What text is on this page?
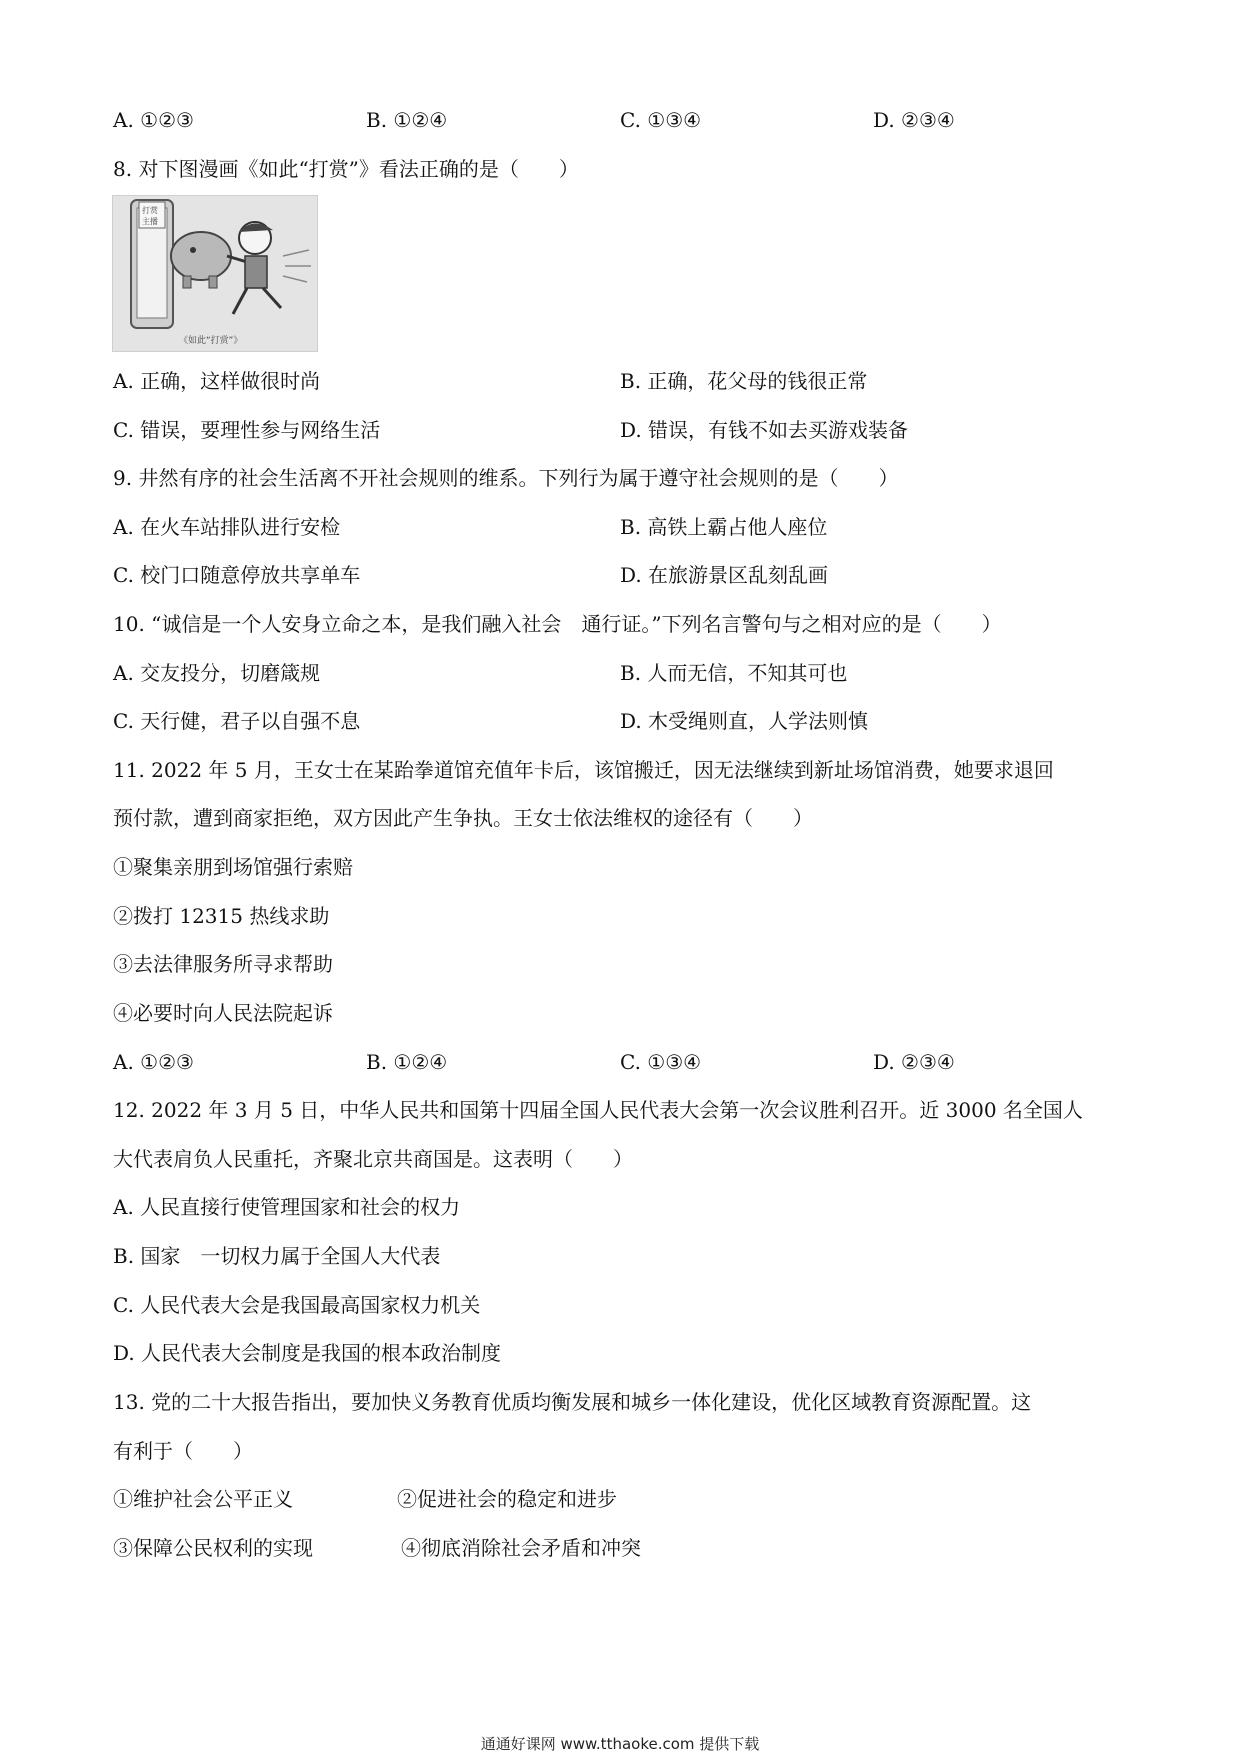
A. ①②③	B. ①②④	C. ①③④	D. ②③④
8. 对下图漫画《如此“打赏”》看法正确的是（　　）
打赏
主播
《如此“打赏”》
A. 正确，这样做很时尚	B. 正确，花父母的钱很正常
C. 错误，要理性参与网络生活	D. 错误，有钱不如去买游戏装备
9. 井然有序的社会生活离不开社会规则的维系。下列行为属于遵守社会规则的是（　　）
A. 在火车站排队进行安检	B. 高铁上霸占他人座位
C. 校门口随意停放共享单车	D. 在旅游景区乱刻乱画
10. “诚信是一个人安身立命之本，是我们融入社会　通行证。”下列名言警句与之相对应的是（　　）
A. 交友投分，切磨箴规	B. 人而无信，不知其可也
C. 天行健，君子以自强不息	D. 木受绳则直，人学法则慎
11. 2022 年 5 月，王女士在某跆拳道馆充值年卡后，该馆搬迁，因无法继续到新址场馆消费，她要求退回
预付款，遭到商家拒绝，双方因此产生争执。王女士依法维权的途径有（　　）
①聚集亲朋到场馆强行索赔
②拨打 12315 热线求助
③去法律服务所寻求帮助
④必要时向人民法院起诉
A. ①②③	B. ①②④	C. ①③④	D. ②③④
12. 2022 年 3 月 5 日，中华人民共和国第十四届全国人民代表大会第一次会议胜利召开。近 3000 名全国人
大代表肩负人民重托，齐聚北京共商国是。这表明（　　）
A. 人民直接行使管理国家和社会的权力
B. 国家　一切权力属于全国人大代表
C. 人民代表大会是我国最高国家权力机关
D. 人民代表大会制度是我国的根本政治制度
13. 党的二十大报告指出，要加快义务教育优质均衡发展和城乡一体化建设，优化区域教育资源配置。这
有利于（　　）
①维护社会公平正义	②促进社会的稳定和进步
③保障公民权利的实现	④彻底消除社会矛盾和冲突
通通好课网 www.tthaoke.com 提供下载
